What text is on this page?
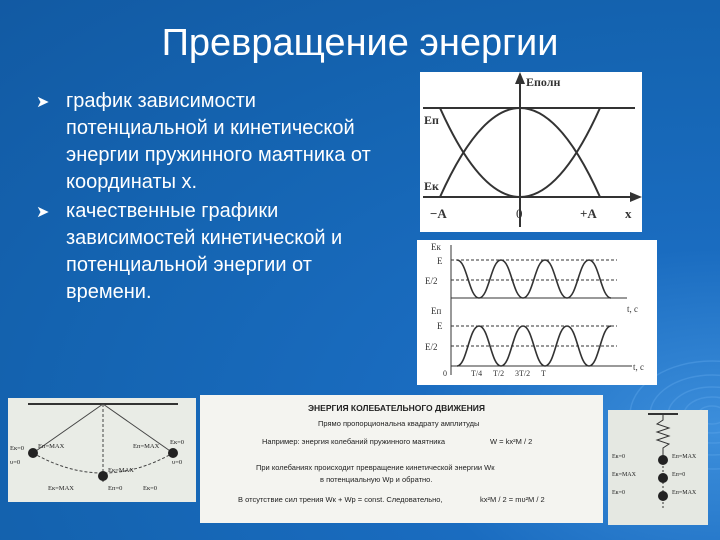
Превращение энергии
➤ график зависимости потенциальной и кинетической энергии пружинного маятника от координаты x.
➤ качественные графики зависимостей кинетической и потенциальной энергии от времени.
Eполн
Eп
Eк
−A	0	+A x
Eк
E
E/2
Eп
E
E/2
t, c
t, c
0	T/4 T/2 3T/2 T
Eк=0
υ=0
Eк=0
υ=0
Eп=MAX	Eп=MAX
Eк=MAX
Eп=0
Eк=MAX	Eк=0
ЭНЕРГИЯ КОЛЕБАТЕЛЬНОГО ДВИЖЕНИЯ
Прямо пропорциональна квадрату амплитуды
Например: энергия колебаний пружинного маятника	W = kx²M / 2
При колебаниях происходит превращение кинетической энергии Wк
в потенциальную Wp и обратно.
В отсутствие сил трения Wк + Wp = const. Следовательно,	kx²M / 2 = mυ²M / 2
Eк=0	Eп=MAX
Eк=MAX	Eп=0
Eк=0	Eп=MAX
